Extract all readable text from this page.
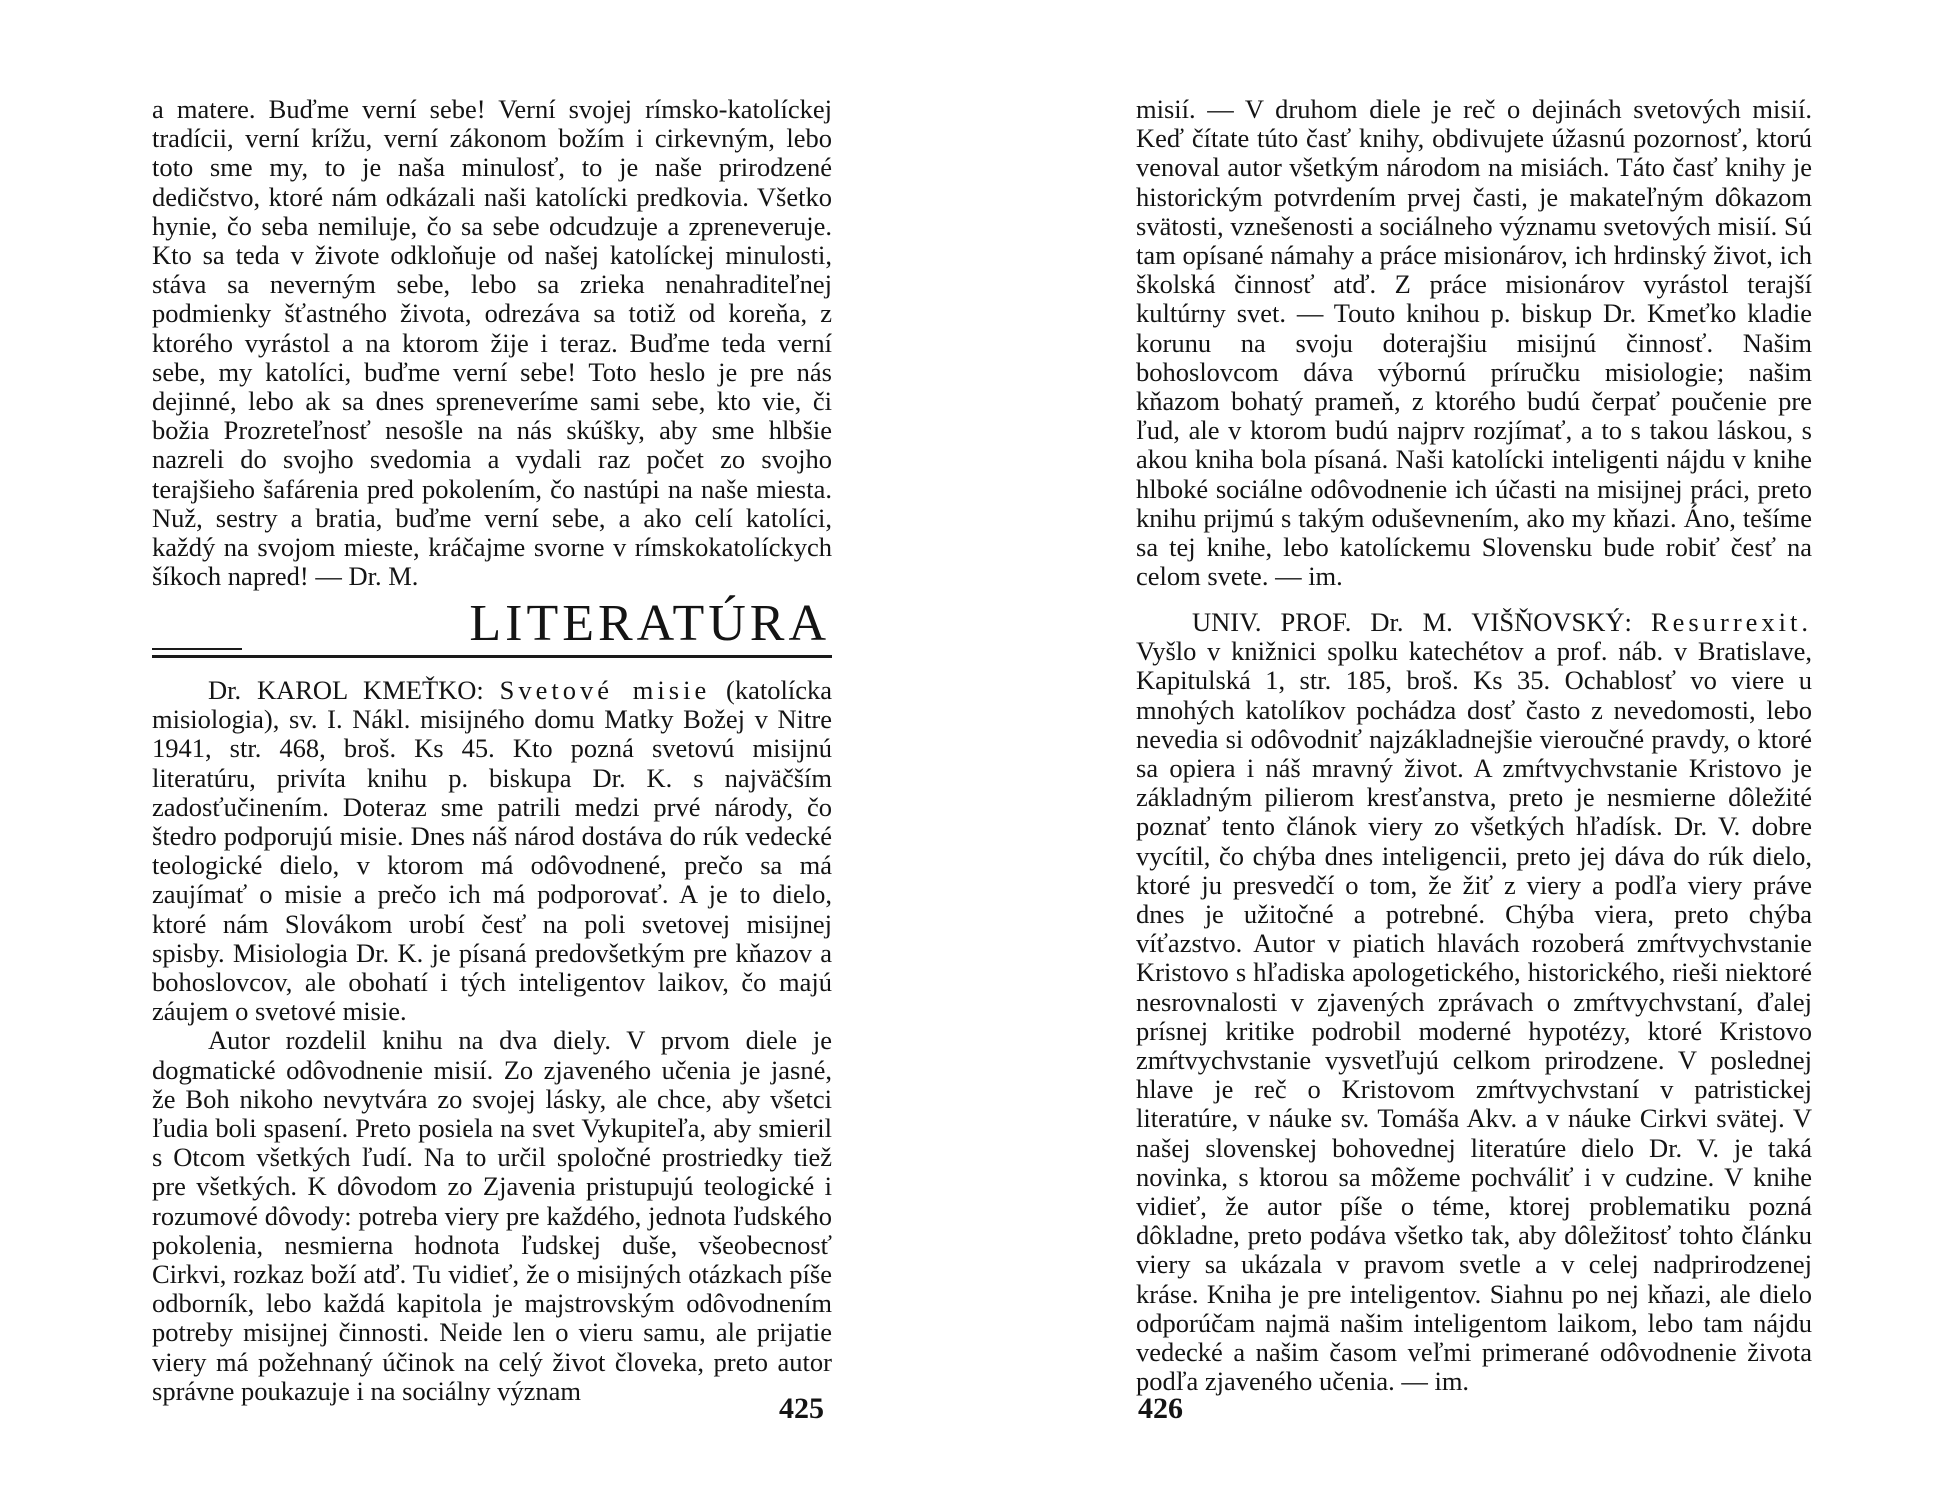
a matere. Buďme verní sebe! Verní svojej rímsko-katolíckej tradícii, verní krížu, verní zákonom božím i cirkevným, lebo toto sme my, to je naša minulosť, to je naše prirodzené dedičstvo, ktoré nám odkázali naši katolícki predkovia. Všetko hynie, čo seba nemiluje, čo sa sebe odcudzuje a zpreneveruje. Kto sa teda v živote odkloňuje od našej katolíckej minulosti, stáva sa neverným sebe, lebo sa zrieka nenahraditeľnej podmienky šťastného života, odrezáva sa totiž od koreňa, z ktorého vyrástol a na ktorom žije i teraz. Buďme teda verní sebe, my katolíci, buďme verní sebe! Toto heslo je pre nás dejinné, lebo ak sa dnes spreneveríme sami sebe, kto vie, či božia Prozreteľnosť nesošle na nás skúšky, aby sme hlbšie nazreli do svojho svedomia a vydali raz počet zo svojho terajšieho šafárenia pred pokolením, čo nastúpi na naše miesta. Nuž, sestry a bratia, buďme verní sebe, a ako celí katolíci, každý na svojom mieste, kráčajme svorne v rímskokatolíckych šíkoch napred! — Dr. M.

LITERATÚRA

Dr. KAROL KMEŤKO: Svetové misie (katolícka misiologia), sv. I. Nákl. misijného domu Matky Božej v Nitre 1941, str. 468, broš. Ks 45. Kto pozná svetovú misijnú literatúru, privíta knihu p. biskupa Dr. K. s najväčším zadosťučinením. Doteraz sme patrili medzi prvé národy, čo štedro podporujú misie. Dnes náš národ dostáva do rúk vedecké teologické dielo, v ktorom má odôvodnené, prečo sa má zaujímať o misie a prečo ich má podporovať. A je to dielo, ktoré nám Slovákom urobí česť na poli svetovej misijnej spisby. Misiologia Dr. K. je písaná predovšetkým pre kňazov a bohoslovcov, ale obohatí i tých inteligentov laikov, čo majú záujem o svetové misie.

Autor rozdelil knihu na dva diely. V prvom diele je dogmatické odôvodnenie misií. Zo zjaveného učenia je jasné, že Boh nikoho nevytvára zo svojej lásky, ale chce, aby všetci ľudia boli spasení. Preto posiela na svet Vykupiteľa, aby smieril s Otcom všetkých ľudí. Na to určil spoločné prostriedky tiež pre všetkých. K dôvodom zo Zjavenia pristupujú teologické i rozumové dôvody: potreba viery pre každého, jednota ľudského pokolenia, nesmierna hodnota ľudskej duše, všeobecnosť Cirkvi, rozkaz boží atď. Tu vidieť, že o misijných otázkach píše odborník, lebo každá kapitola je majstrovským odôvodnením potreby misijnej činnosti. Neide len o vieru samu, ale prijatie viery má požehnaný účinok na celý život človeka, preto autor správne poukazuje i na sociálny význam

425

misií. — V druhom diele je reč o dejinách svetových misií. Keď čítate túto časť knihy, obdivujete úžasnú pozornosť, ktorú venoval autor všetkým národom na misiách. Táto časť knihy je historickým potvrdením prvej časti, je makateľným dôkazom svätosti, vznešenosti a sociálneho významu svetových misií. Sú tam opísané námahy a práce misionárov, ich hrdinský život, ich školská činnosť atď. Z práce misionárov vyrástol terajší kultúrny svet. — Touto knihou p. biskup Dr. Kmeťko kladie korunu na svoju doterajšiu misijnú činnosť. Našim bohoslovcom dáva výbornú príručku misiologie; našim kňazom bohatý prameň, z ktorého budú čerpať poučenie pre ľud, ale v ktorom budú najprv rozjímať, a to s takou láskou, s akou kniha bola písaná. Naši katolícki inteligenti nájdu v knihe hlboké sociálne odôvodnenie ich účasti na misijnej práci, preto knihu prijmú s takým oduševnením, ako my kňazi. Áno, tešíme sa tej knihe, lebo katolíckemu Slovensku bude robiť česť na celom svete. — im.

UNIV. PROF. Dr. M. VIŠŇOVSKÝ: Resurrexit. Vyšlo v knižnici spolku katechétov a prof. náb. v Bratislave, Kapitulská 1, str. 185, broš. Ks 35. Ochablosť vo viere u mnohých katolíkov pochádza dosť často z nevedomosti, lebo nevedia si odôvodniť najzákladnejšie vieroučné pravdy, o ktoré sa opiera i náš mravný život. A zmŕtvychvstanie Kristovo je základným pilierom kresťanstva, preto je nesmierne dôležité poznať tento článok viery zo všetkých hľadísk. Dr. V. dobre vycítil, čo chýba dnes inteligencii, preto jej dáva do rúk dielo, ktoré ju presvedčí o tom, že žiť z viery a podľa viery práve dnes je užitočné a potrebné. Chýba viera, preto chýba víťazstvo. Autor v piatich hlavách rozoberá zmŕtvychvstanie Kristovo s hľadiska apologetického, historického, rieši niektoré nesrovnalosti v zjavených zprávach o zmŕtvychvstaní, ďalej prísnej kritike podrobil moderné hypotézy, ktoré Kristovo zmŕtvychvstanie vysvetľujú celkom prirodzene. V poslednej hlave je reč o Kristovom zmŕtvychvstaní v patristickej literatúre, v náuke sv. Tomáša Akv. a v náuke Cirkvi svätej. V našej slovenskej bohovednej literatúre dielo Dr. V. je taká novinka, s ktorou sa môžeme pochváliť i v cudzine. V knihe vidieť, že autor píše o téme, ktorej problematiku pozná dôkladne, preto podáva všetko tak, aby dôležitosť tohto článku viery sa ukázala v pravom svetle a v celej nadprirodzenej kráse. Kniha je pre inteligentov. Siahnu po nej kňazi, ale dielo odporúčam najmä našim inteligentom laikom, lebo tam nájdu vedecké a našim časom veľmi primerané odôvodnenie života podľa zjaveného učenia. — im.

426
